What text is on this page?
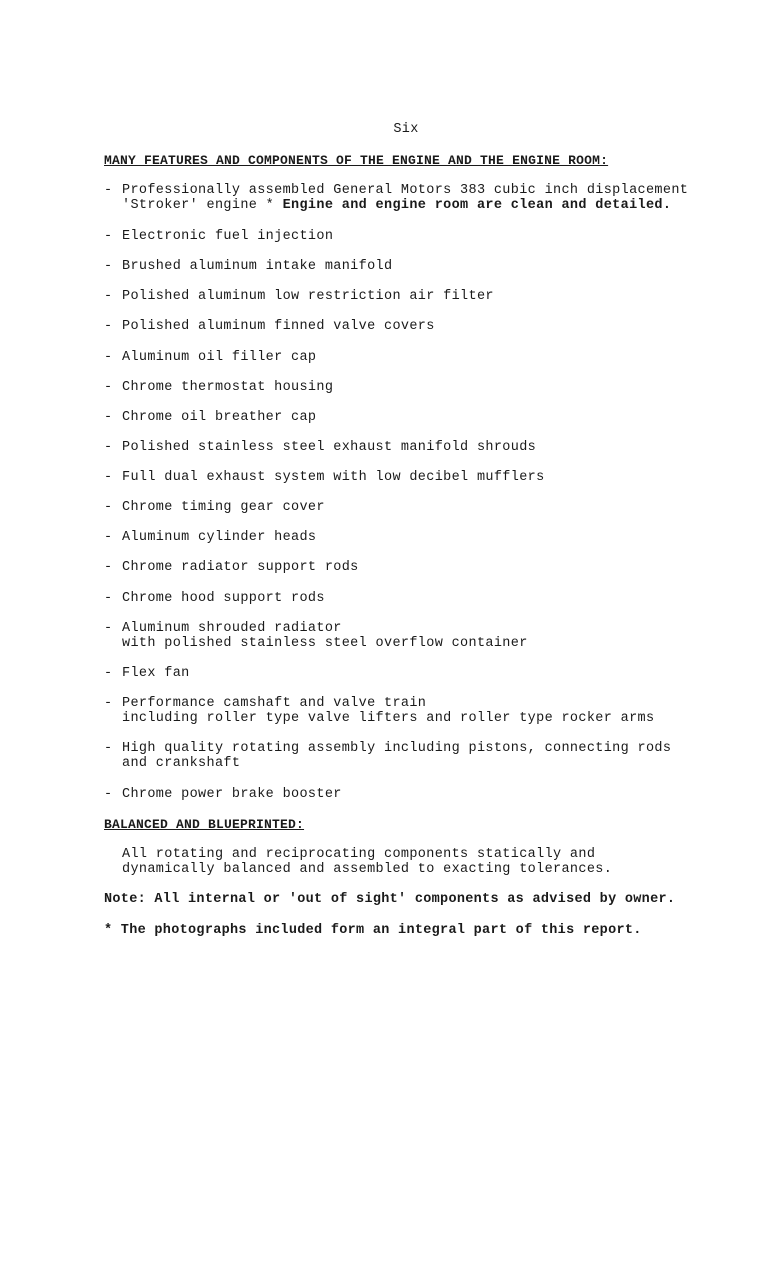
Six
MANY FEATURES AND COMPONENTS OF THE ENGINE AND THE ENGINE ROOM:
- Professionally assembled General Motors 383 cubic inch displacement
'Stroker' engine * Engine and engine room are clean and detailed.
- Electronic fuel injection
- Brushed aluminum intake manifold
- Polished aluminum low restriction air filter
- Polished aluminum finned valve covers
- Aluminum oil filler cap
- Chrome thermostat housing
- Chrome oil breather cap
- Polished stainless steel exhaust manifold shrouds
- Full dual exhaust system with low decibel mufflers
- Chrome timing gear cover
- Aluminum cylinder heads
- Chrome radiator support rods
- Chrome hood support rods
- Aluminum shrouded radiator
with polished stainless steel overflow container
- Flex fan
- Performance camshaft and valve train
including roller type valve lifters and roller type rocker arms
- High quality rotating assembly including pistons, connecting rods
and crankshaft
- Chrome power brake booster
BALANCED AND BLUEPRINTED:
All rotating and reciprocating components statically and
dynamically balanced and assembled to exacting tolerances.
Note: All internal or 'out of sight' components as advised by owner.
* The photographs included form an integral part of this report.
